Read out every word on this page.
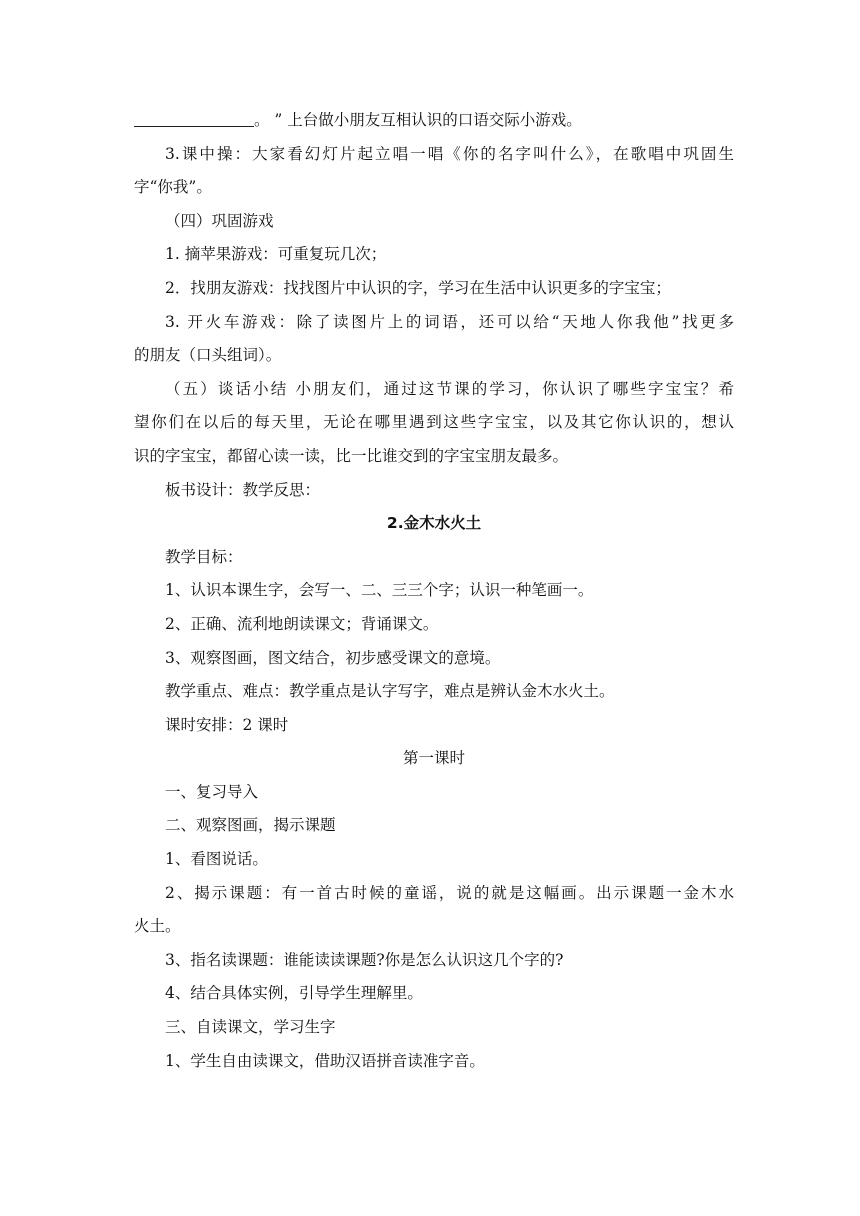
。 ” 上台做小朋友互相认识的口语交际小游戏。
3.课中操：大家看幻灯片起立唱一唱《你的名字叫什么》，在歌唱中巩固生
字“你我”。
（四）巩固游戏
1. 摘苹果游戏：可重复玩几次；
2．找朋友游戏：找找图片中认识的字，学习在生活中认识更多的字宝宝；
3. 开火车游戏：除了读图片上的词语，还可以给“天地人你我他”找更多
的朋友（口头组词）。
（五）谈话小结 小朋友们，通过这节课的学习，你认识了哪些字宝宝？希
望你们在以后的每天里，无论在哪里遇到这些字宝宝，以及其它你认识的，想认
识的字宝宝，都留心读一读，比一比谁交到的字宝宝朋友最多。
板书设计：教学反思：
2.金木水火土
教学目标：
1、认识本课生字，会写一、二、三三个字；认识一种笔画一。
2、正确、流利地朗读课文；背诵课文。
3、观察图画，图文结合，初步感受课文的意境。
教学重点、难点：教学重点是认字写字，难点是辨认金木水火土。
课时安排：2 课时
第一课时
一、复习导入
二、观察图画，揭示课题
1、看图说话。
2、揭示课题：有一首古时候的童谣，说的就是这幅画。出示课题一金木水
火土。
3、指名读课题：谁能读读课题?你是怎么认识这几个字的?
4、结合具体实例，引导学生理解里。
三、自读课文，学习生字
1、学生自由读课文，借助汉语拼音读准字音。
